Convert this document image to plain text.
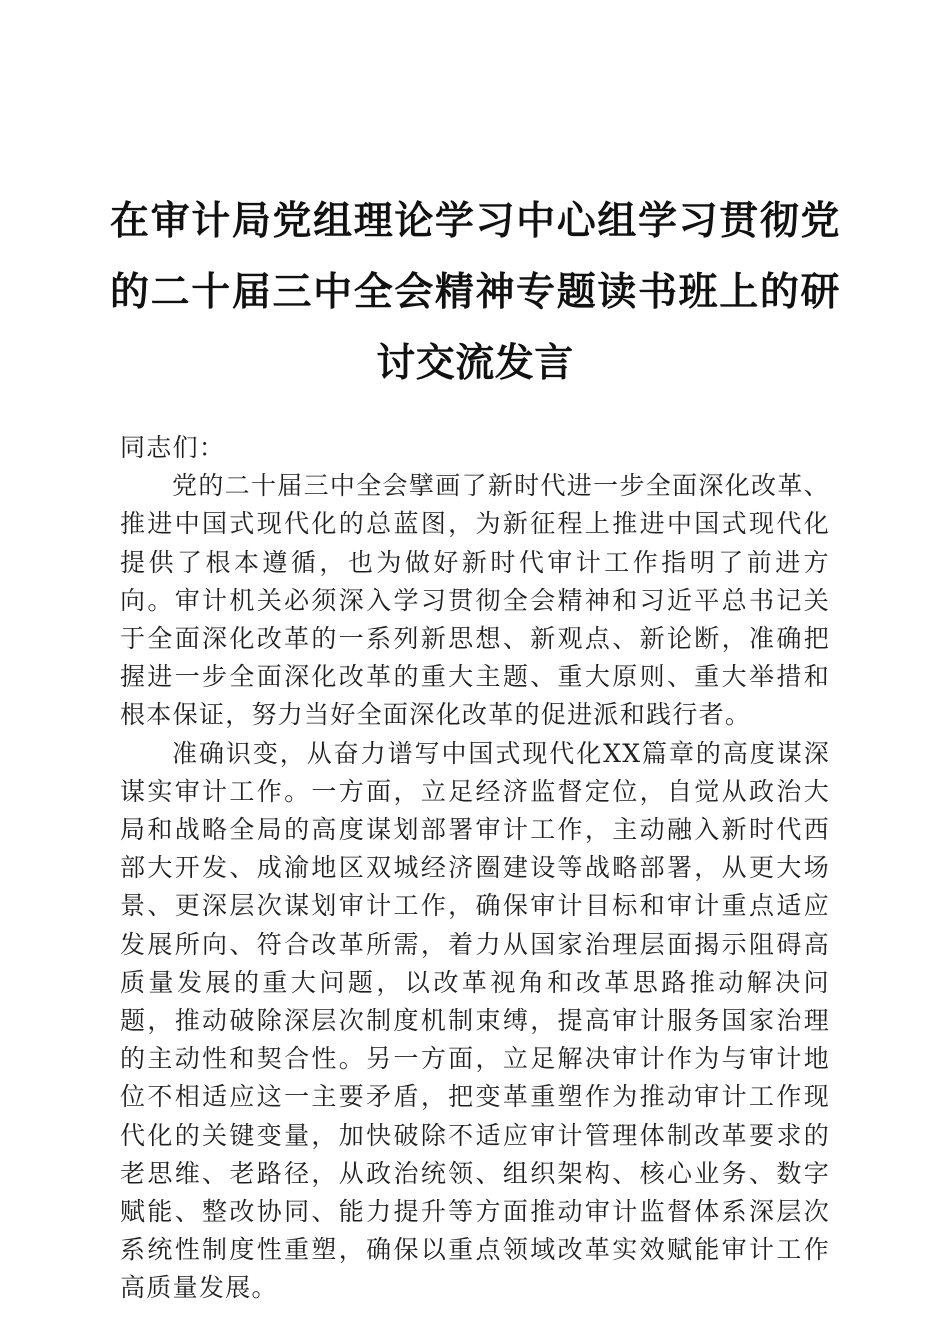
在审计局党组理论学习中心组学习贯彻党的二十届三中全会精神专题读书班上的研讨交流发言

同志们：

党的二十届三中全会擘画了新时代进一步全面深化改革、推进中国式现代化的总蓝图，为新征程上推进中国式现代化提供了根本遵循，也为做好新时代审计工作指明了前进方向。审计机关必须深入学习贯彻全会精神和习近平总书记关于全面深化改革的一系列新思想、新观点、新论断，准确把握进一步全面深化改革的重大主题、重大原则、重大举措和根本保证，努力当好全面深化改革的促进派和践行者。

准确识变，从奋力谱写中国式现代化XX篇章的高度谋深谋实审计工作。一方面，立足经济监督定位，自觉从政治大局和战略全局的高度谋划部署审计工作，主动融入新时代西部大开发、成渝地区双城经济圈建设等战略部署，从更大场景、更深层次谋划审计工作，确保审计目标和审计重点适应发展所向、符合改革所需，着力从国家治理层面揭示阻碍高质量发展的重大问题，以改革视角和改革思路推动解决问题，推动破除深层次制度机制束缚，提高审计服务国家治理的主动性和契合性。另一方面，立足解决审计作为与审计地位不相适应这一主要矛盾，把变革重塑作为推动审计工作现代化的关键变量，加快破除不适应审计管理体制改革要求的老思维、老路径，从政治统领、组织架构、核心业务、数字赋能、整改协同、能力提升等方面推动审计监督体系深层次系统性制度性重塑，确保以重点领域改革实效赋能审计工作高质量发展。
